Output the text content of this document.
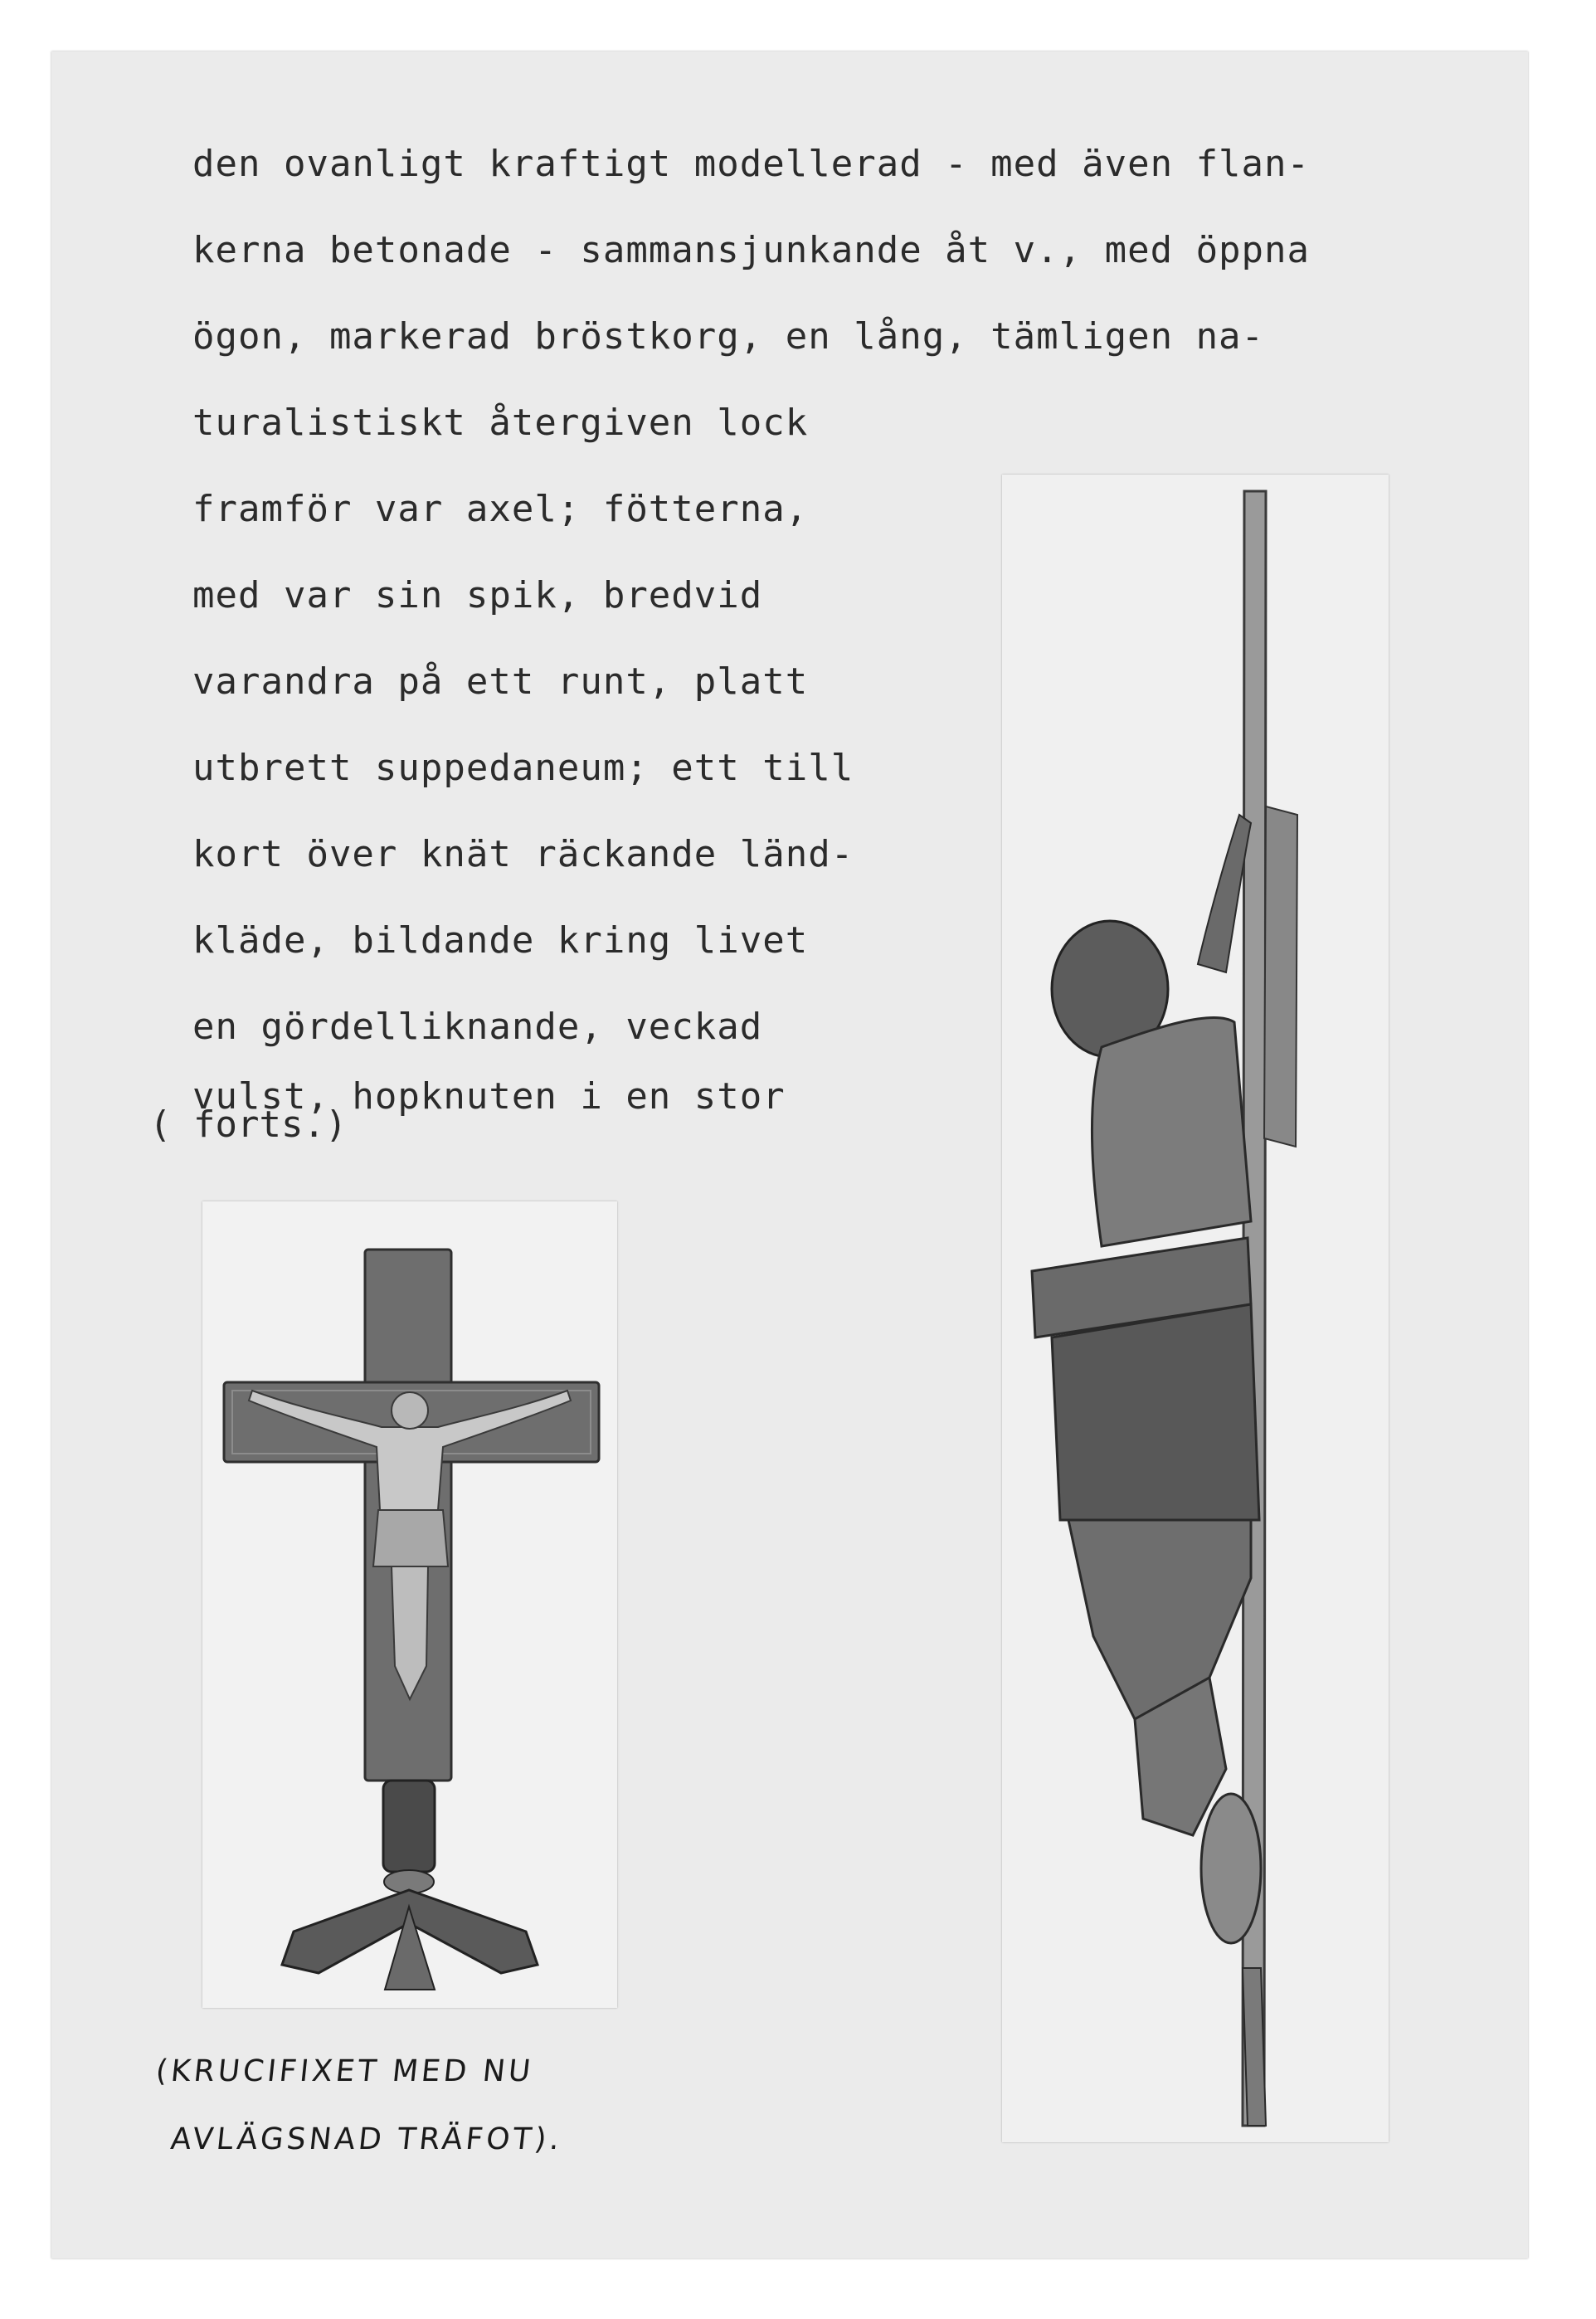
den ovanligt kraftigt modellerad - med även flan-
kerna betonade - sammansjunkande åt v., med öppna
ögon, markerad bröstkorg, en lång, tämligen na-
turalistiskt återgiven lock
framför var axel; fötterna,
med var sin spik, bredvid
varandra på ett runt, platt
utbrett suppedaneum; ett till
kort över knät räckande länd-
kläde, bildande kring livet
en gördelliknande, veckad
vulst, hopknuten i en stor
( forts.)
(KRUCIFIXET MED NU
AVLÄGSNAD TRÄFOT).
